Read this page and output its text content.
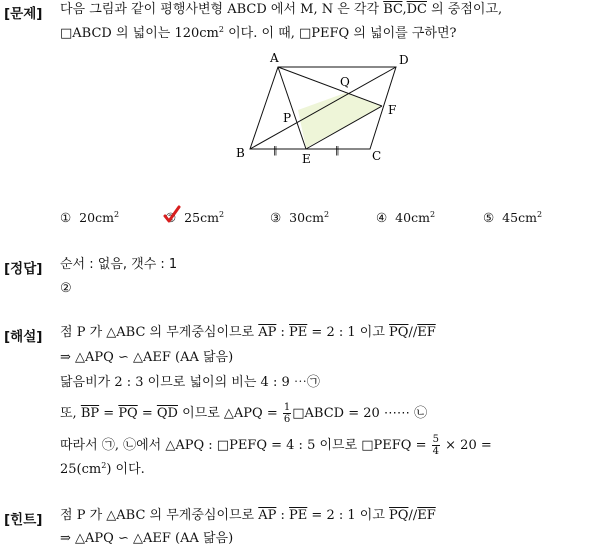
[문제] 다음 그림과 같이 평행사변형 ABCD 에서 M, N 은 각각 $\overline{BC},\overline{DC}$ 의 중점이고,
□ABCD 의 넓이는 $120cm^2$ 이다. 이 때, □PEFQ 의 넓이를 구하면?
A	D
B	C
E
F
P
Q
‖	‖
① $20cm^2$	② $25cm^2$	③ $30cm^2$	④ $40cm^2$	⑤ $45cm^2$
[정답] 순서 : 없음, 갯수 : 1
②
[해설] 점 P 가 △ABC 의 무게중심이므로 $\overline{AP}$ : $\overline{PE} = 2$ : 1 이고 $\overline{PQ}//\overline{EF}$
⇒ △APQ ∽ △AEF (AA 닮음)
닮음비가 2 : 3 이므로 넓이의 비는 4 : 9 ⋯㉠
또, $\overline{BP} = \overline{PQ} = \overline{QD}$ 이므로 △APQ = $\frac{1}{6}$ □ABCD = 20 ⋯⋯ ㉡
따라서 ㉠, ㉡에서 △APQ : □PEFQ = 4 : 5 이므로 □PEFQ = $\frac{5}{4} \times 20$ =
$25(cm^2)$ 이다.
[힌트] 점 P 가 △ABC 의 무게중심이므로 $\overline{AP}$ : $\overline{PE} = 2$ : 1 이고 $\overline{PQ}//\overline{EF}$
⇒ △APQ ∽ △AEF (AA 닮음)
